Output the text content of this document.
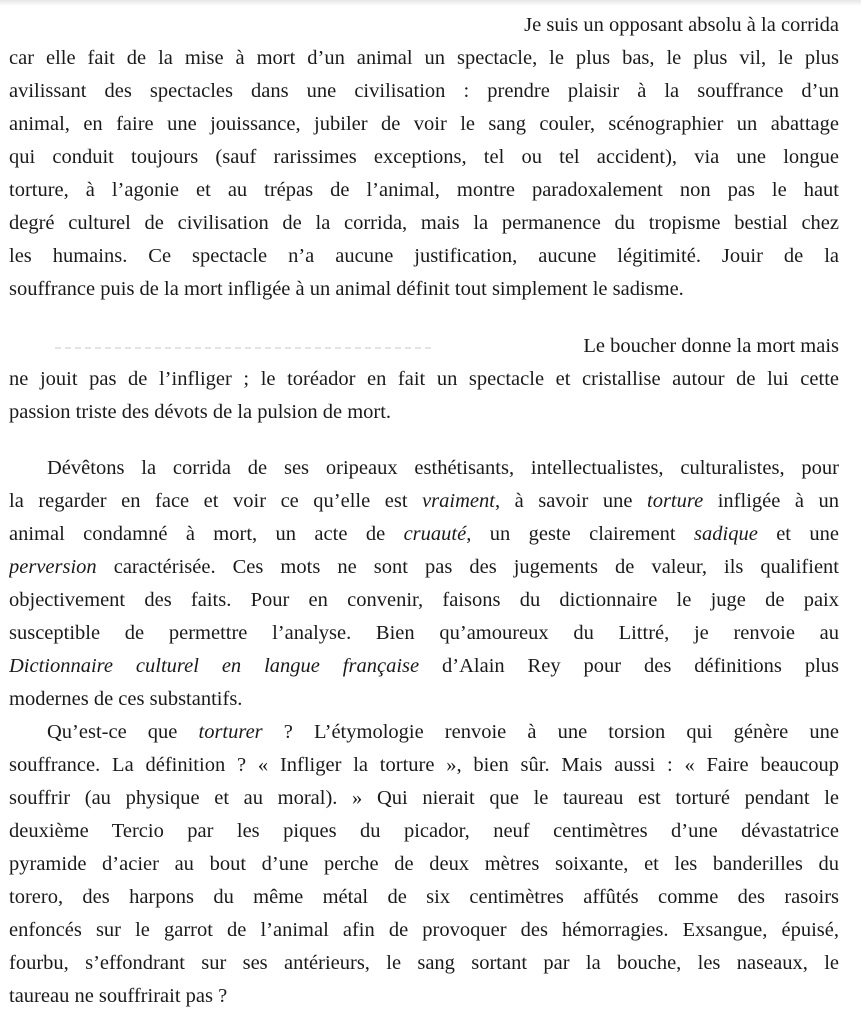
Je suis un opposant absolu à la corrida
car elle fait de la mise à mort d’un animal un spectacle, le plus bas, le plus vil, le plus
avilissant des spectacles dans une civilisation : prendre plaisir à la souffrance d’un
animal, en faire une jouissance, jubiler de voir le sang couler, scénographier un abattage
qui conduit toujours (sauf rarissimes exceptions, tel ou tel accident), via une longue
torture, à l’agonie et au trépas de l’animal, montre paradoxalement non pas le haut
degré culturel de civilisation de la corrida, mais la permanence du tropisme bestial chez
les humains. Ce spectacle n’a aucune justification, aucune légitimité. Jouir de la
souffrance puis de la mort infligée à un animal définit tout simplement le sadisme.
Le boucher donne la mort mais
ne jouit pas de l’infliger ; le toréador en fait un spectacle et cristallise autour de lui cette
passion triste des dévots de la pulsion de mort.
Dévêtons la corrida de ses oripeaux esthétisants, intellectualistes, culturalistes, pour
la regarder en face et voir ce qu’elle est vraiment, à savoir une torture infligée à un
animal condamné à mort, un acte de cruauté, un geste clairement sadique et une
perversion caractérisée. Ces mots ne sont pas des jugements de valeur, ils qualifient
objectivement des faits. Pour en convenir, faisons du dictionnaire le juge de paix
susceptible de permettre l’analyse. Bien qu’amoureux du Littré, je renvoie au
Dictionnaire culturel en langue française d’Alain Rey pour des définitions plus
modernes de ces substantifs.
Qu’est-ce que torturer ? L’étymologie renvoie à une torsion qui génère une
souffrance. La définition ? « Infliger la torture », bien sûr. Mais aussi : « Faire beaucoup
souffrir (au physique et au moral). » Qui nierait que le taureau est torturé pendant le
deuxième Tercio par les piques du picador, neuf centimètres d’une dévastatrice
pyramide d’acier au bout d’une perche de deux mètres soixante, et les banderilles du
torero, des harpons du même métal de six centimètres affûtés comme des rasoirs
enfoncés sur le garrot de l’animal afin de provoquer des hémorragies. Exsangue, épuisé,
fourbu, s’effondrant sur ses antérieurs, le sang sortant par la bouche, les naseaux, le
taureau ne souffrirait pas ?
